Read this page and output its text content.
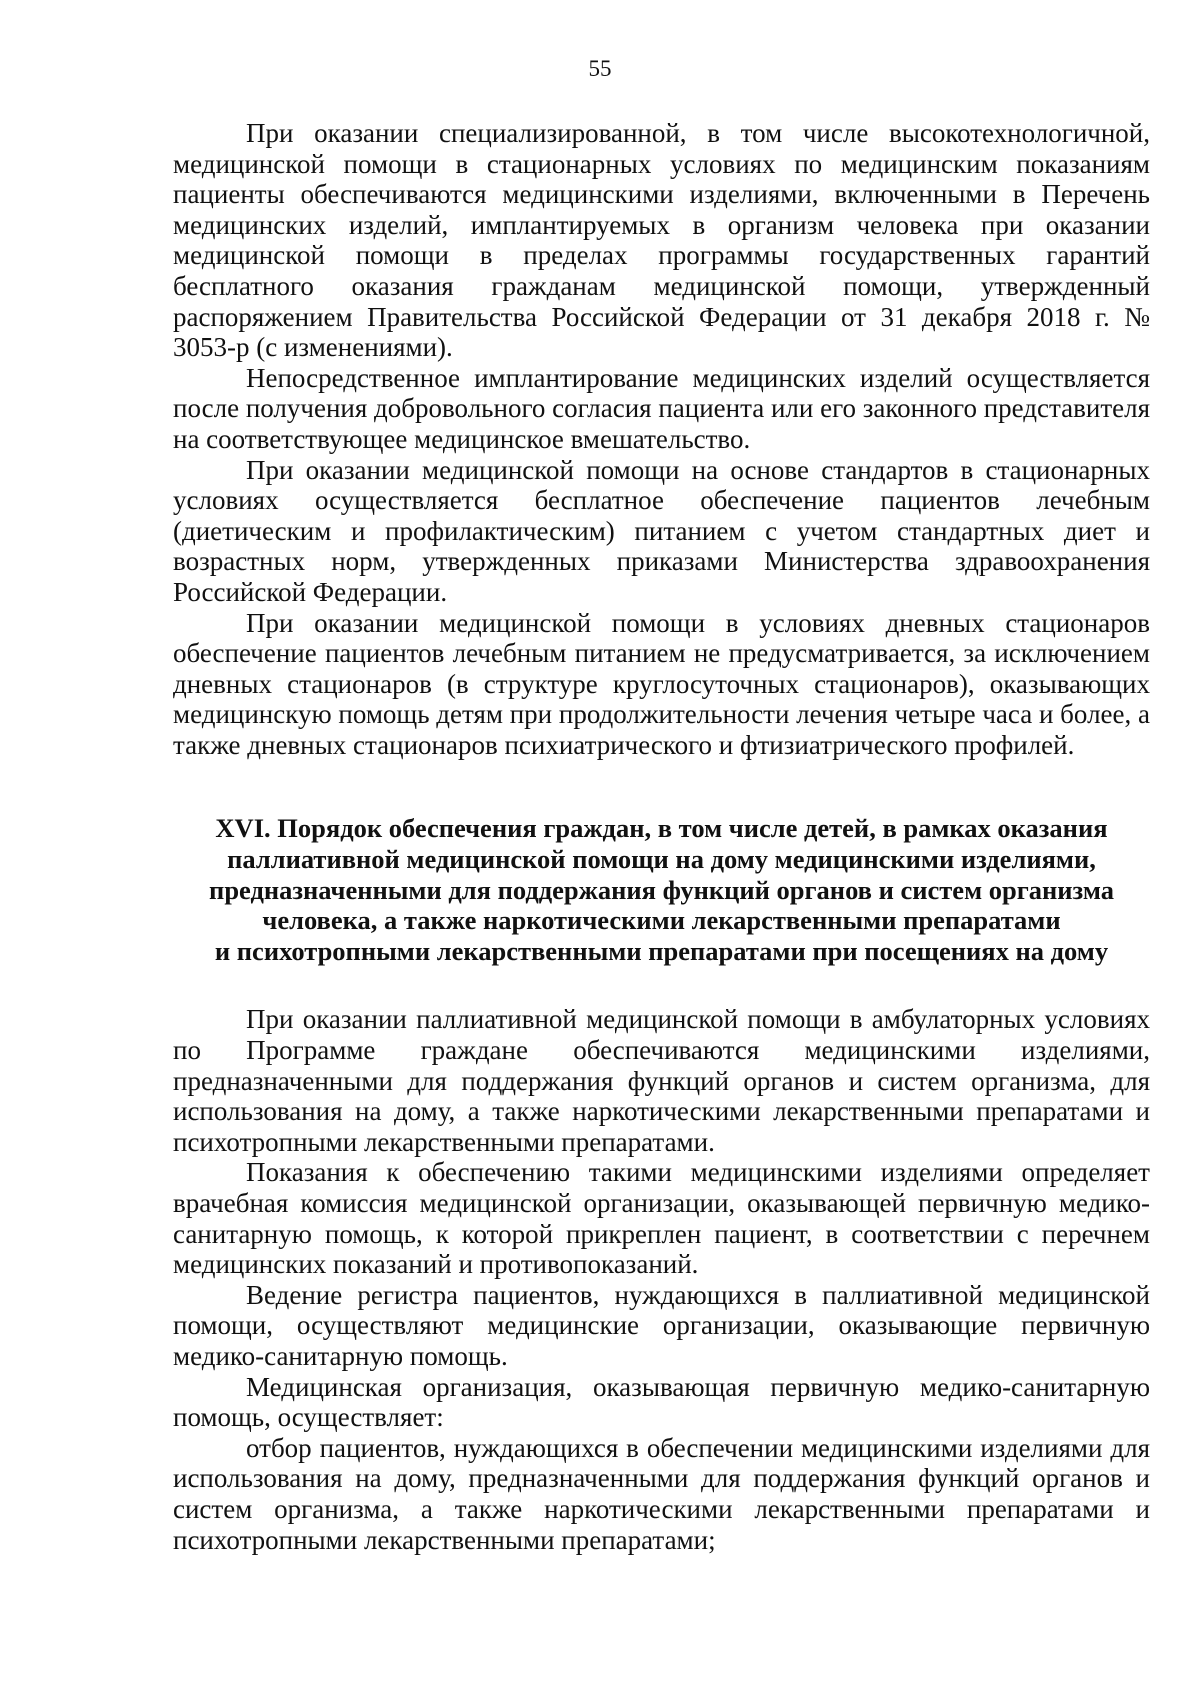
55

При оказании специализированной, в том числе высокотехнологичной, медицинской помощи в стационарных условиях по медицинским показаниям пациенты обеспечиваются медицинскими изделиями, включенными в Перечень медицинских изделий, имплантируемых в организм человека при оказании медицинской помощи в пределах программы государственных гарантий бесплатного оказания гражданам медицинской помощи, утвержденный распоряжением Правительства Российской Федерации от 31 декабря 2018 г. № 3053-р (с изменениями).

Непосредственное имплантирование медицинских изделий осуществляется после получения добровольного согласия пациента или его законного представителя на соответствующее медицинское вмешательство.

При оказании медицинской помощи на основе стандартов в стационарных условиях осуществляется бесплатное обеспечение пациентов лечебным (диетическим и профилактическим) питанием с учетом стандартных диет и возрастных норм, утвержденных приказами Министерства здравоохранения Российской Федерации.

При оказании медицинской помощи в условиях дневных стационаров обеспечение пациентов лечебным питанием не предусматривается, за исключением дневных стационаров (в структуре круглосуточных стационаров), оказывающих медицинскую помощь детям при продолжительности лечения четыре часа и более, а также дневных стационаров психиатрического и фтизиатрического профилей.

XVI. Порядок обеспечения граждан, в том числе детей, в рамках оказания
паллиативной медицинской помощи на дому медицинскими изделиями,
предназначенными для поддержания функций органов и систем организма
человека, а также наркотическими лекарственными препаратами
и психотропными лекарственными препаратами при посещениях на дому

При оказании паллиативной медицинской помощи в амбулаторных условиях по Программе граждане обеспечиваются медицинскими изделиями, предназначенными для поддержания функций органов и систем организма, для использования на дому, а также наркотическими лекарственными препаратами и психотропными лекарственными препаратами.

Показания к обеспечению такими медицинскими изделиями определяет врачебная комиссия медицинской организации, оказывающей первичную медико-санитарную помощь, к которой прикреплен пациент, в соответствии с перечнем медицинских показаний и противопоказаний.

Ведение регистра пациентов, нуждающихся в паллиативной медицинской помощи, осуществляют медицинские организации, оказывающие первичную медико-санитарную помощь.

Медицинская организация, оказывающая первичную медико-санитарную помощь, осуществляет:

отбор пациентов, нуждающихся в обеспечении медицинскими изделиями для использования на дому, предназначенными для поддержания функций органов и систем организма, а также наркотическими лекарственными препаратами и психотропными лекарственными препаратами;
